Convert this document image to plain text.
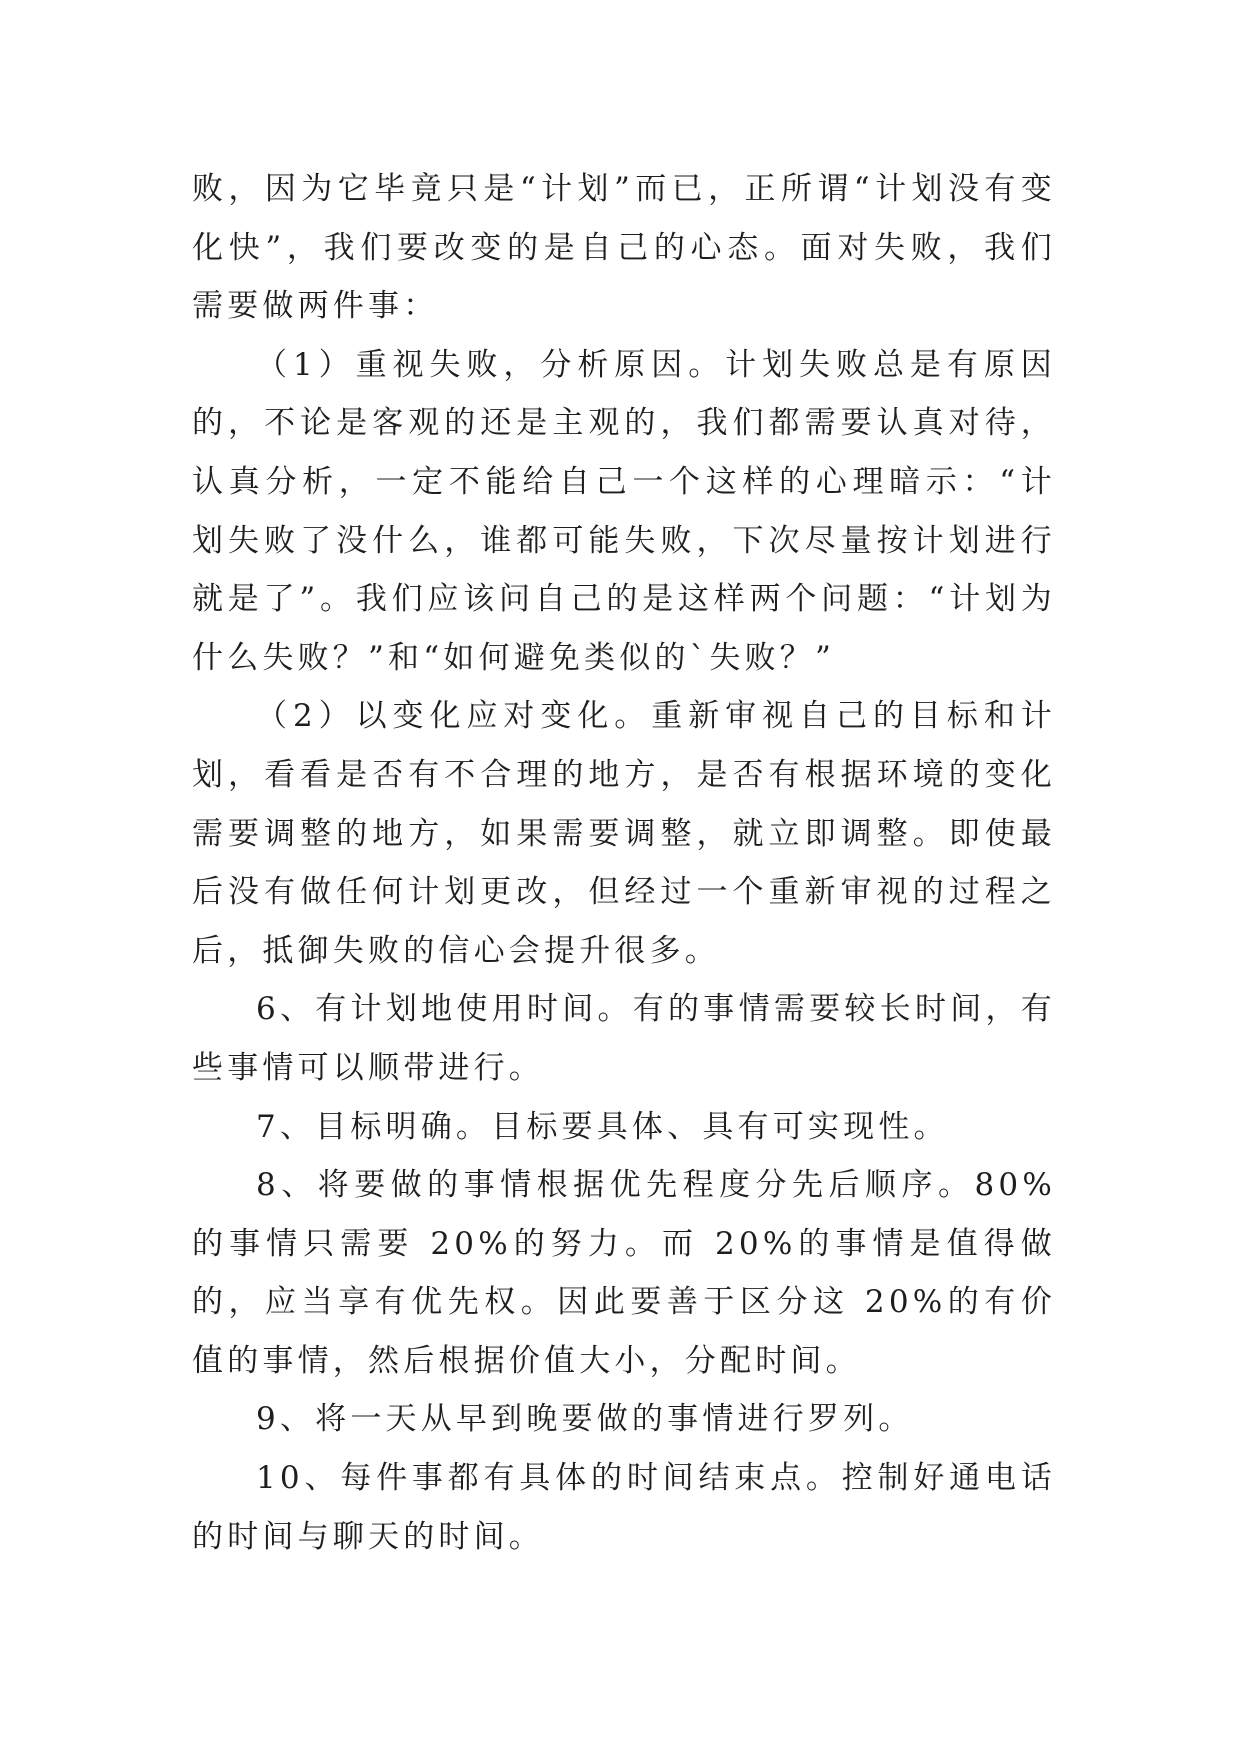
败，因为它毕竟只是“计划”而已，正所谓“计划没有变化快”，我们要改变的是自己的心态。面对失败，我们需要做两件事：

（1）重视失败，分析原因。计划失败总是有原因的，不论是客观的还是主观的，我们都需要认真对待，认真分析，一定不能给自己一个这样的心理暗示：“计划失败了没什么，谁都可能失败，下次尽量按计划进行就是了”。我们应该问自己的是这样两个问题：“计划为什么失败？”和“如何避免类似的`失败？”

（2）以变化应对变化。重新审视自己的目标和计划，看看是否有不合理的地方，是否有根据环境的变化需要调整的地方，如果需要调整，就立即调整。即使最后没有做任何计划更改，但经过一个重新审视的过程之后，抵御失败的信心会提升很多。

6、有计划地使用时间。有的事情需要较长时间，有些事情可以顺带进行。

7、目标明确。目标要具体、具有可实现性。

8、将要做的事情根据优先程度分先后顺序。80%的事情只需要 20%的努力。而 20%的事情是值得做的，应当享有优先权。因此要善于区分这 20%的有价值的事情，然后根据价值大小，分配时间。

9、将一天从早到晚要做的事情进行罗列。

10、每件事都有具体的时间结束点。控制好通电话的时间与聊天的时间。
